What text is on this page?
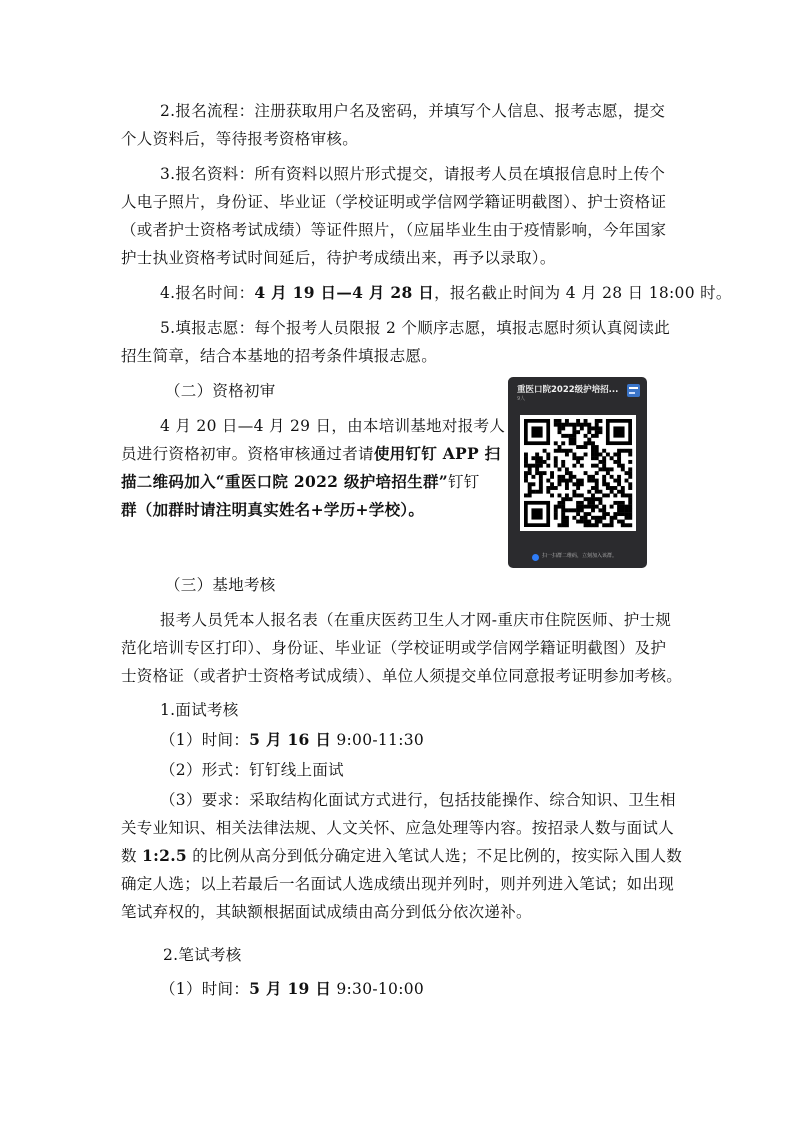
2.报名流程：注册获取用户名及密码，并填写个人信息、报考志愿，提交
个人资料后，等待报考资格审核。
3.报名资料：所有资料以照片形式提交，请报考人员在填报信息时上传个
人电子照片，身份证、毕业证（学校证明或学信网学籍证明截图）、护士资格证
（或者护士资格考试成绩）等证件照片，（应届毕业生由于疫情影响，今年国家
护士执业资格考试时间延后，待护考成绩出来，再予以录取）。
4.报名时间：4 月 19 日—4 月 28 日，报名截止时间为 4 月 28 日 18:00 时。
5.填报志愿：每个报考人员限报 2 个顺序志愿，填报志愿时须认真阅读此
招生简章，结合本基地的招考条件填报志愿。
（二）资格初审
4 月 20 日—4 月 29 日，由本培训基地对报考人
员进行资格初审。资格审核通过者请使用钉钉 APP 扫
描二维码加入“重医口院 2022 级护培招生群”钉钉
群（加群时请注明真实姓名+学历+学校）。
（三）基地考核
报考人员凭本人报名表（在重庆医药卫生人才网-重庆市住院医师、护士规
范化培训专区打印）、身份证、毕业证（学校证明或学信网学籍证明截图）及护
士资格证（或者护士资格考试成绩）、单位人须提交单位同意报考证明参加考核。
1.面试考核
（1）时间：5 月 16 日 9:00-11:30
（2）形式：钉钉线上面试
（3）要求：采取结构化面试方式进行，包括技能操作、综合知识、卫生相
关专业知识、相关法律法规、人文关怀、应急处理等内容。按招录人数与面试人
数 1:2.5 的比例从高分到低分确定进入笔试人选；不足比例的，按实际入围人数
确定人选；以上若最后一名面试人选成绩出现并列时，则并列进入笔试；如出现
笔试弃权的，其缺额根据面试成绩由高分到低分依次递补。
2.笔试考核
（1）时间：5 月 19 日 9:30-10:00
重医口院2022级护培招...
9人
扫一扫群二维码，立刻加入该群。
